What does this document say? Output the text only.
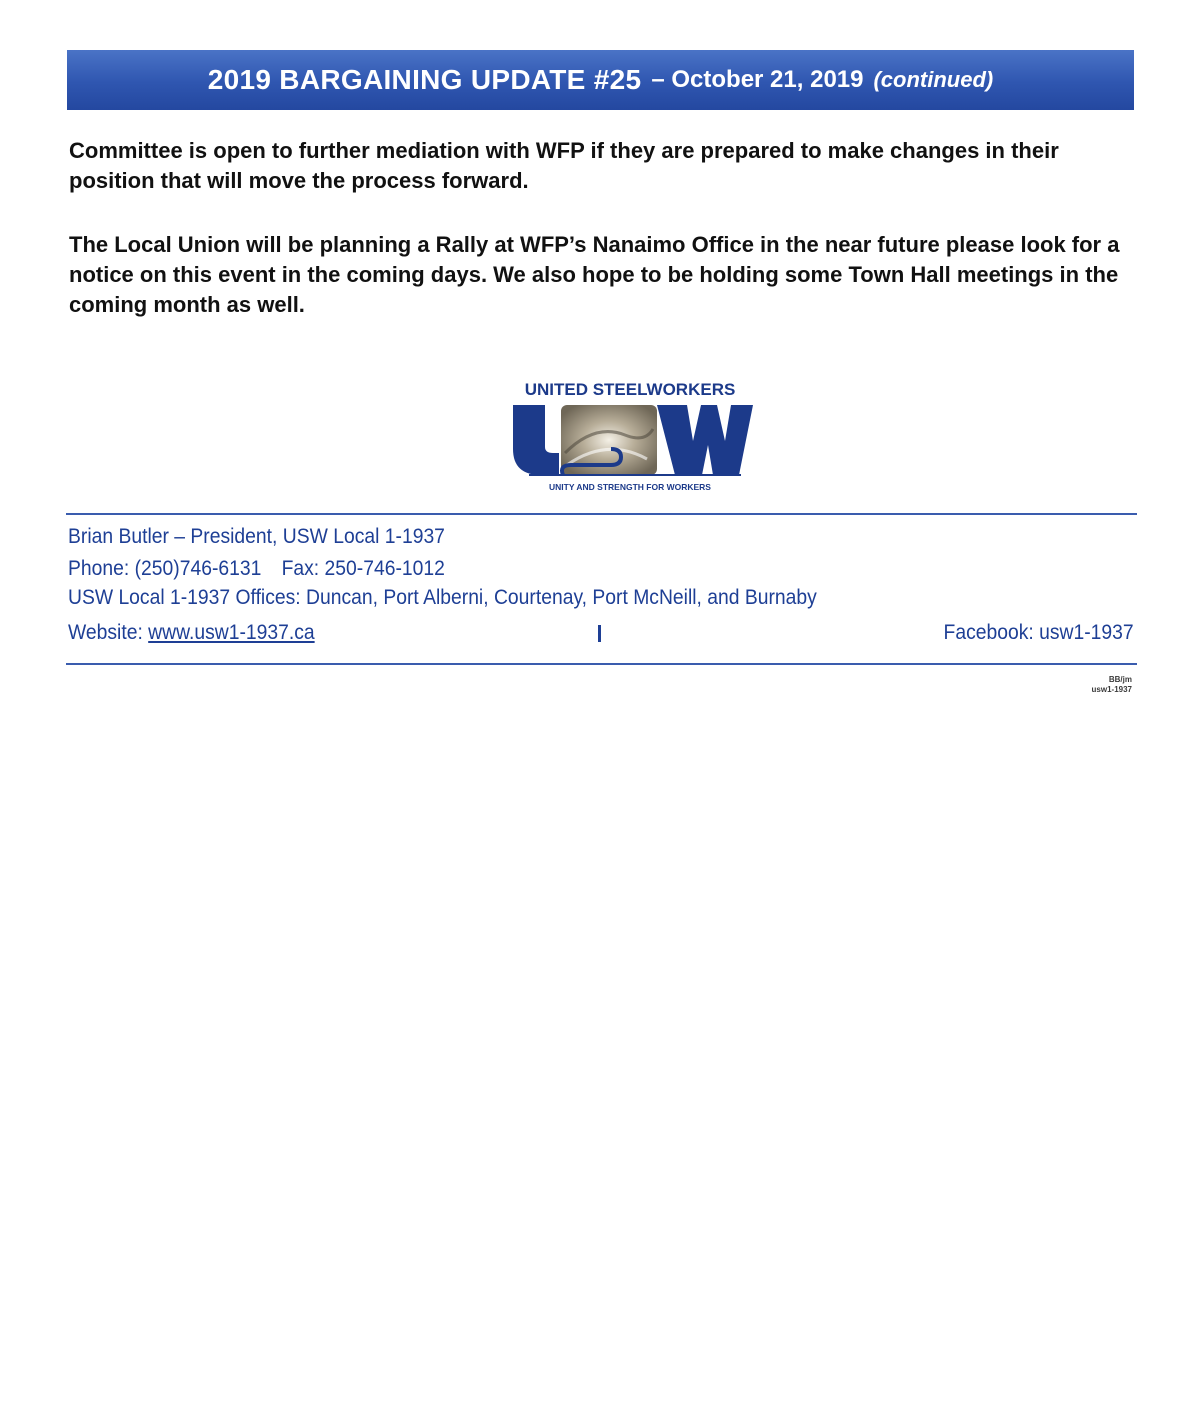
2019 BARGAINING UPDATE #25 – October 21, 2019 (continued)

Committee is open to further mediation with WFP if they are prepared to make changes in their position that will move the process forward.

The Local Union will be planning a Rally at WFP’s Nanaimo Office in the near future please look for a notice on this event in the coming days. We also hope to be holding some Town Hall meetings in the coming month as well.

UNITED STEELWORKERS
UNITY AND STRENGTH FOR WORKERS
Brian Butler – President, USW Local 1-1937
Phone: (250)746-6131 Fax: 250-746-1012
USW Local 1-1937 Offices: Duncan, Port Alberni, Courtenay, Port McNeill, and Burnaby
Website: www.usw1-1937.ca	Facebook: usw1-1937
BB/jm
usw1-1937
